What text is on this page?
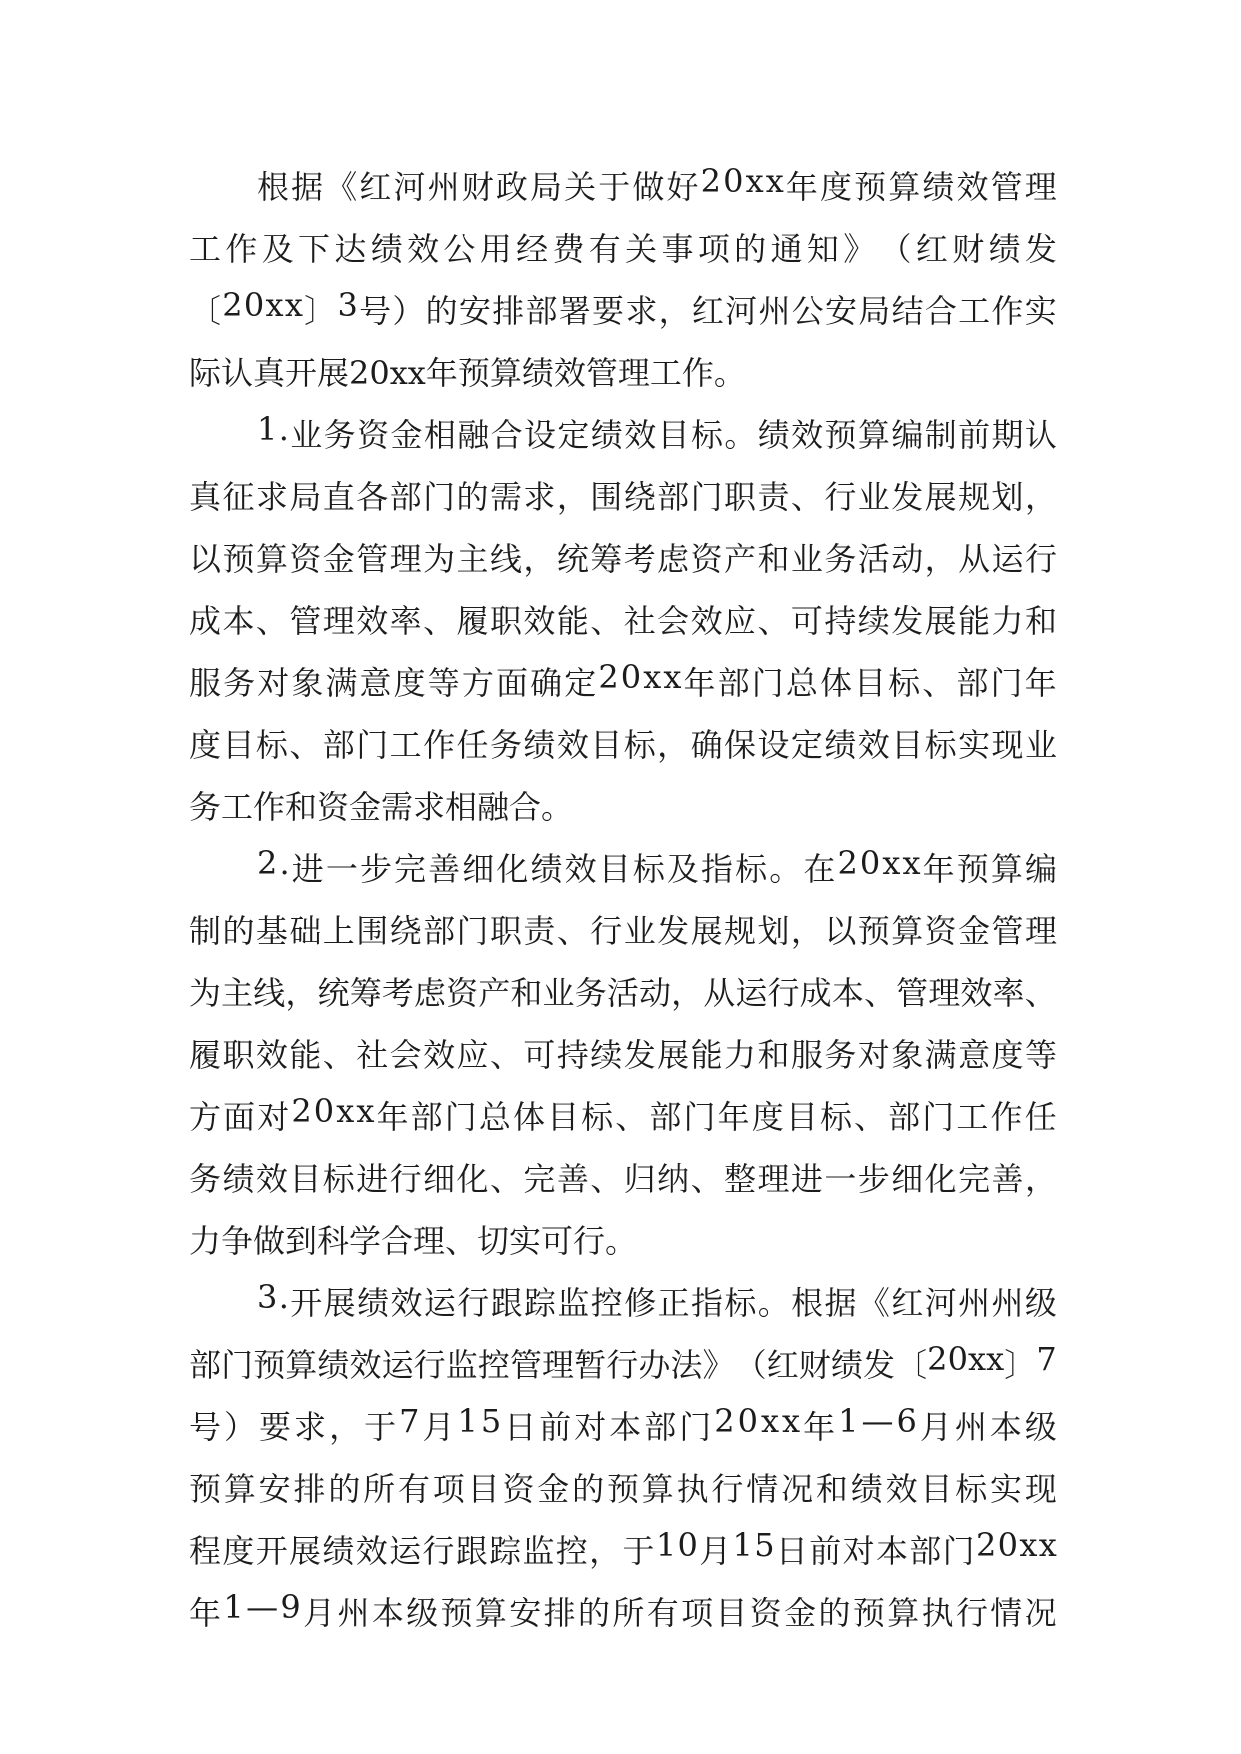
根 据 《 红 河 州 财 政 局 关 于 做 好 2 0 x x 年 度 预 算 绩 效 管 理
工 作 及 下 达 绩 效 公 用 经 费 有 关 事 项 的 通 知 》 （ 红 财 绩 发
〔 2 0 x x 〕 3 号 ） 的 安 排 部 署 要 求 ， 红 河 州 公 安 局 结 合 工 作 实
际认真开展20xx年预算绩效管理工作。
1 . 业 务 资 金 相 融 合 设 定 绩 效 目 标 。 绩 效 预 算 编 制 前 期 认
真 征 求 局 直 各 部 门 的 需 求 ， 围 绕 部 门 职 责 、 行 业 发 展 规 划 ，
以 预 算 资 金 管 理 为 主 线 ， 统 筹 考 虑 资 产 和 业 务 活 动 ， 从 运 行
成 本 、 管 理 效 率 、 履 职 效 能 、 社 会 效 应 、 可 持 续 发 展 能 力 和
服 务 对 象 满 意 度 等 方 面 确 定 2 0 x x 年 部 门 总 体 目 标 、 部 门 年
度 目 标 、 部 门 工 作 任 务 绩 效 目 标 ， 确 保 设 定 绩 效 目 标 实 现 业
务工作和资金需求相融合。
2 . 进 一 步 完 善 细 化 绩 效 目 标 及 指 标 。 在 2 0 x x 年 预 算 编
制 的 基 础 上 围 绕 部 门 职 责 、 行 业 发 展 规 划 ， 以 预 算 资 金 管 理
为 主 线 ， 统 筹 考 虑 资 产 和 业 务 活 动 ， 从 运 行 成 本 、 管 理 效 率 、
履 职 效 能 、 社 会 效 应 、 可 持 续 发 展 能 力 和 服 务 对 象 满 意 度 等
方 面 对 2 0 x x 年 部 门 总 体 目 标 、 部 门 年 度 目 标 、 部 门 工 作 任
务 绩 效 目 标 进 行 细 化 、 完 善 、 归 纳 、 整 理 进 一 步 细 化 完 善 ，
力争做到科学合理、切实可行。
3 . 开 展 绩 效 运 行 跟 踪 监 控 修 正 指 标 。 根 据 《 红 河 州 州 级
部 门 预 算 绩 效 运 行 监 控 管 理 暂 行 办 法 》 （ 红 财 绩 发 〔 2 0 x x 〕 7
号 ） 要 求 ， 于 7 月 1 5 日 前 对 本 部 门 2 0 x x 年 1 — 6 月 州 本 级
预 算 安 排 的 所 有 项 目 资 金 的 预 算 执 行 情 况 和 绩 效 目 标 实 现
程 度 开 展 绩 效 运 行 跟 踪 监 控 ， 于 1 0 月 1 5 日 前 对 本 部 门 2 0 x x
年 1 — 9 月 州 本 级 预 算 安 排 的 所 有 项 目 资 金 的 预 算 执 行 情 况
